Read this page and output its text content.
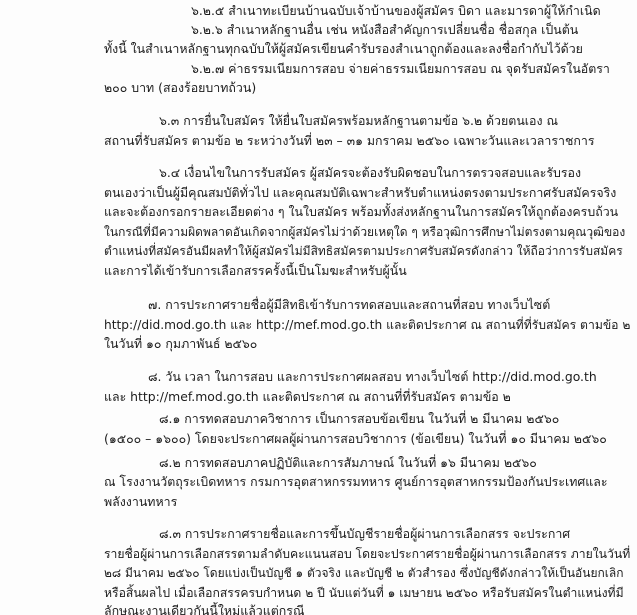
๖.๒.๕ สำเนาทะเบียนบ้านฉบับเจ้าบ้านของผู้สมัคร บิดา และมารดาผู้ให้กำเนิด
๖.๒.๖ สำเนาหลักฐานอื่น เช่น หนังสือสำคัญการเปลี่ยนชื่อ ชื่อสกุล เป็นต้น
ทั้งนี้ ในสำเนาหลักฐานทุกฉบับให้ผู้สมัครเขียนคำรับรองสำเนาถูกต้องและลงชื่อกำกับไว้ด้วย
๖.๒.๗ ค่าธรรมเนียมการสอบ จ่ายค่าธรรมเนียมการสอบ ณ จุดรับสมัครในอัตรา
๒๐๐ บาท (สองร้อยบาทถ้วน)
๖.๓ การยื่นใบสมัคร ให้ยื่นใบสมัครพร้อมหลักฐานตามข้อ ๖.๒ ด้วยตนเอง ณ
สถานที่รับสมัคร ตามข้อ ๒ ระหว่างวันที่ ๒๓ – ๓๑ มกราคม ๒๕๖๐ เฉพาะวันและเวลาราชการ
๖.๔ เงื่อนไขในการรับสมัคร ผู้สมัครจะต้องรับผิดชอบในการตรวจสอบและรับรอง
ตนเองว่าเป็นผู้มีคุณสมบัติทั่วไป และคุณสมบัติเฉพาะสำหรับตำแหน่งตรงตามประกาศรับสมัครจริง
และจะต้องกรอกรายละเอียดต่าง ๆ ในใบสมัคร พร้อมทั้งส่งหลักฐานในการสมัครให้ถูกต้องครบถ้วน
ในกรณีที่มีความผิดพลาดอันเกิดจากผู้สมัครไม่ว่าด้วยเหตุใด ๆ หรือวุฒิการศึกษาไม่ตรงตามคุณวุฒิของ
ตำแหน่งที่สมัครอันมีผลทำให้ผู้สมัครไม่มีสิทธิสมัครตามประกาศรับสมัครดังกล่าว ให้ถือว่าการรับสมัคร
และการได้เข้ารับการเลือกสรรครั้งนี้เป็นโมฆะสำหรับผู้นั้น
๗. การประกาศรายชื่อผู้มีสิทธิเข้ารับการทดสอบและสถานที่สอบ ทางเว็บไซต์
http://did.mod.go.th และ http://mef.mod.go.th และติดประกาศ ณ สถานที่ที่รับสมัคร ตามข้อ ๒
ในวันที่ ๑๐ กุมภาพันธ์ ๒๕๖๐
๘. วัน เวลา ในการสอบ และการประกาศผลสอบ ทางเว็บไซต์ http://did.mod.go.th
และ http://mef.mod.go.th และติดประกาศ ณ สถานที่ที่รับสมัคร ตามข้อ ๒
๘.๑ การทดสอบภาควิชาการ เป็นการสอบข้อเขียน ในวันที่ ๒ มีนาคม ๒๕๖๐
(๑๕๐๐ – ๑๖๐๐) โดยจะประกาศผลผู้ผ่านการสอบวิชาการ (ข้อเขียน) ในวันที่ ๑๐ มีนาคม ๒๕๖๐
๘.๒ การทดสอบภาคปฏิบัติและการสัมภาษณ์ ในวันที่ ๑๖ มีนาคม ๒๕๖๐
ณ โรงงานวัตถุระเบิดทหาร กรมการอุตสาหกรรมทหาร ศูนย์การอุตสาหกรรมป้องกันประเทศและ
พลังงานทหาร
๘.๓ การประกาศรายชื่อและการขึ้นบัญชีรายชื่อผู้ผ่านการเลือกสรร จะประกาศ
รายชื่อผู้ผ่านการเลือกสรรตามลำดับคะแนนสอบ โดยจะประกาศรายชื่อผู้ผ่านการเลือกสรร ภายในวันที่
๒๘ มีนาคม ๒๕๖๐ โดยแบ่งเป็นบัญชี ๑ ตัวจริง และบัญชี ๒ ตัวสำรอง ซึ่งบัญชีดังกล่าวให้เป็นอันยกเลิก
หรือสิ้นผลไป เมื่อเลือกสรรครบกำหนด ๒ ปี นับแต่วันที่ ๑ เมษายน ๒๕๖๐ หรือรับสมัครในตำแหน่งที่มี
ลักษณะงานเดียวกันนี้ใหม่แล้วแต่กรณี
